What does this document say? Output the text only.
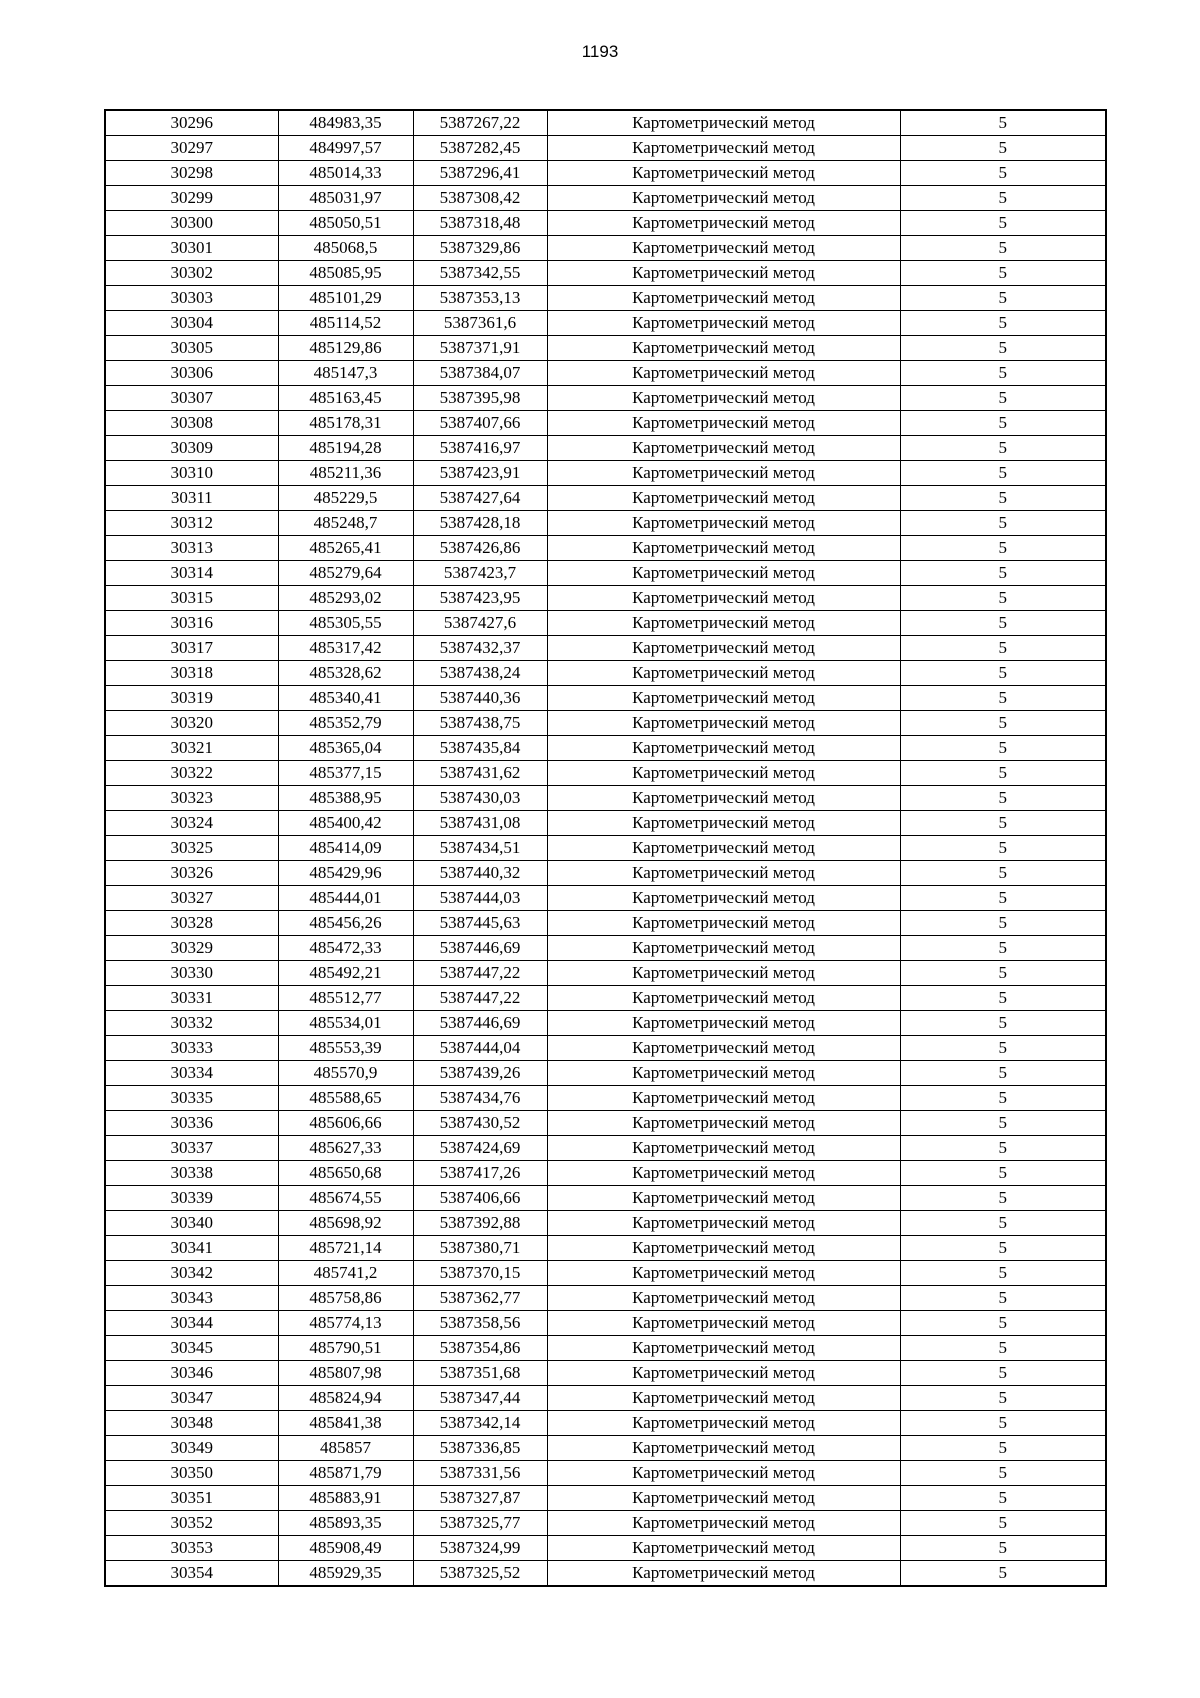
1193
30296	484983,35	5387267,22	Картометрический метод	5
30297	484997,57	5387282,45	Картометрический метод	5
30298	485014,33	5387296,41	Картометрический метод	5
30299	485031,97	5387308,42	Картометрический метод	5
30300	485050,51	5387318,48	Картометрический метод	5
30301	485068,5	5387329,86	Картометрический метод	5
30302	485085,95	5387342,55	Картометрический метод	5
30303	485101,29	5387353,13	Картометрический метод	5
30304	485114,52	5387361,6	Картометрический метод	5
30305	485129,86	5387371,91	Картометрический метод	5
30306	485147,3	5387384,07	Картометрический метод	5
30307	485163,45	5387395,98	Картометрический метод	5
30308	485178,31	5387407,66	Картометрический метод	5
30309	485194,28	5387416,97	Картометрический метод	5
30310	485211,36	5387423,91	Картометрический метод	5
30311	485229,5	5387427,64	Картометрический метод	5
30312	485248,7	5387428,18	Картометрический метод	5
30313	485265,41	5387426,86	Картометрический метод	5
30314	485279,64	5387423,7	Картометрический метод	5
30315	485293,02	5387423,95	Картометрический метод	5
30316	485305,55	5387427,6	Картометрический метод	5
30317	485317,42	5387432,37	Картометрический метод	5
30318	485328,62	5387438,24	Картометрический метод	5
30319	485340,41	5387440,36	Картометрический метод	5
30320	485352,79	5387438,75	Картометрический метод	5
30321	485365,04	5387435,84	Картометрический метод	5
30322	485377,15	5387431,62	Картометрический метод	5
30323	485388,95	5387430,03	Картометрический метод	5
30324	485400,42	5387431,08	Картометрический метод	5
30325	485414,09	5387434,51	Картометрический метод	5
30326	485429,96	5387440,32	Картометрический метод	5
30327	485444,01	5387444,03	Картометрический метод	5
30328	485456,26	5387445,63	Картометрический метод	5
30329	485472,33	5387446,69	Картометрический метод	5
30330	485492,21	5387447,22	Картометрический метод	5
30331	485512,77	5387447,22	Картометрический метод	5
30332	485534,01	5387446,69	Картометрический метод	5
30333	485553,39	5387444,04	Картометрический метод	5
30334	485570,9	5387439,26	Картометрический метод	5
30335	485588,65	5387434,76	Картометрический метод	5
30336	485606,66	5387430,52	Картометрический метод	5
30337	485627,33	5387424,69	Картометрический метод	5
30338	485650,68	5387417,26	Картометрический метод	5
30339	485674,55	5387406,66	Картометрический метод	5
30340	485698,92	5387392,88	Картометрический метод	5
30341	485721,14	5387380,71	Картометрический метод	5
30342	485741,2	5387370,15	Картометрический метод	5
30343	485758,86	5387362,77	Картометрический метод	5
30344	485774,13	5387358,56	Картометрический метод	5
30345	485790,51	5387354,86	Картометрический метод	5
30346	485807,98	5387351,68	Картометрический метод	5
30347	485824,94	5387347,44	Картометрический метод	5
30348	485841,38	5387342,14	Картометрический метод	5
30349	485857	5387336,85	Картометрический метод	5
30350	485871,79	5387331,56	Картометрический метод	5
30351	485883,91	5387327,87	Картометрический метод	5
30352	485893,35	5387325,77	Картометрический метод	5
30353	485908,49	5387324,99	Картометрический метод	5
30354	485929,35	5387325,52	Картометрический метод	5
